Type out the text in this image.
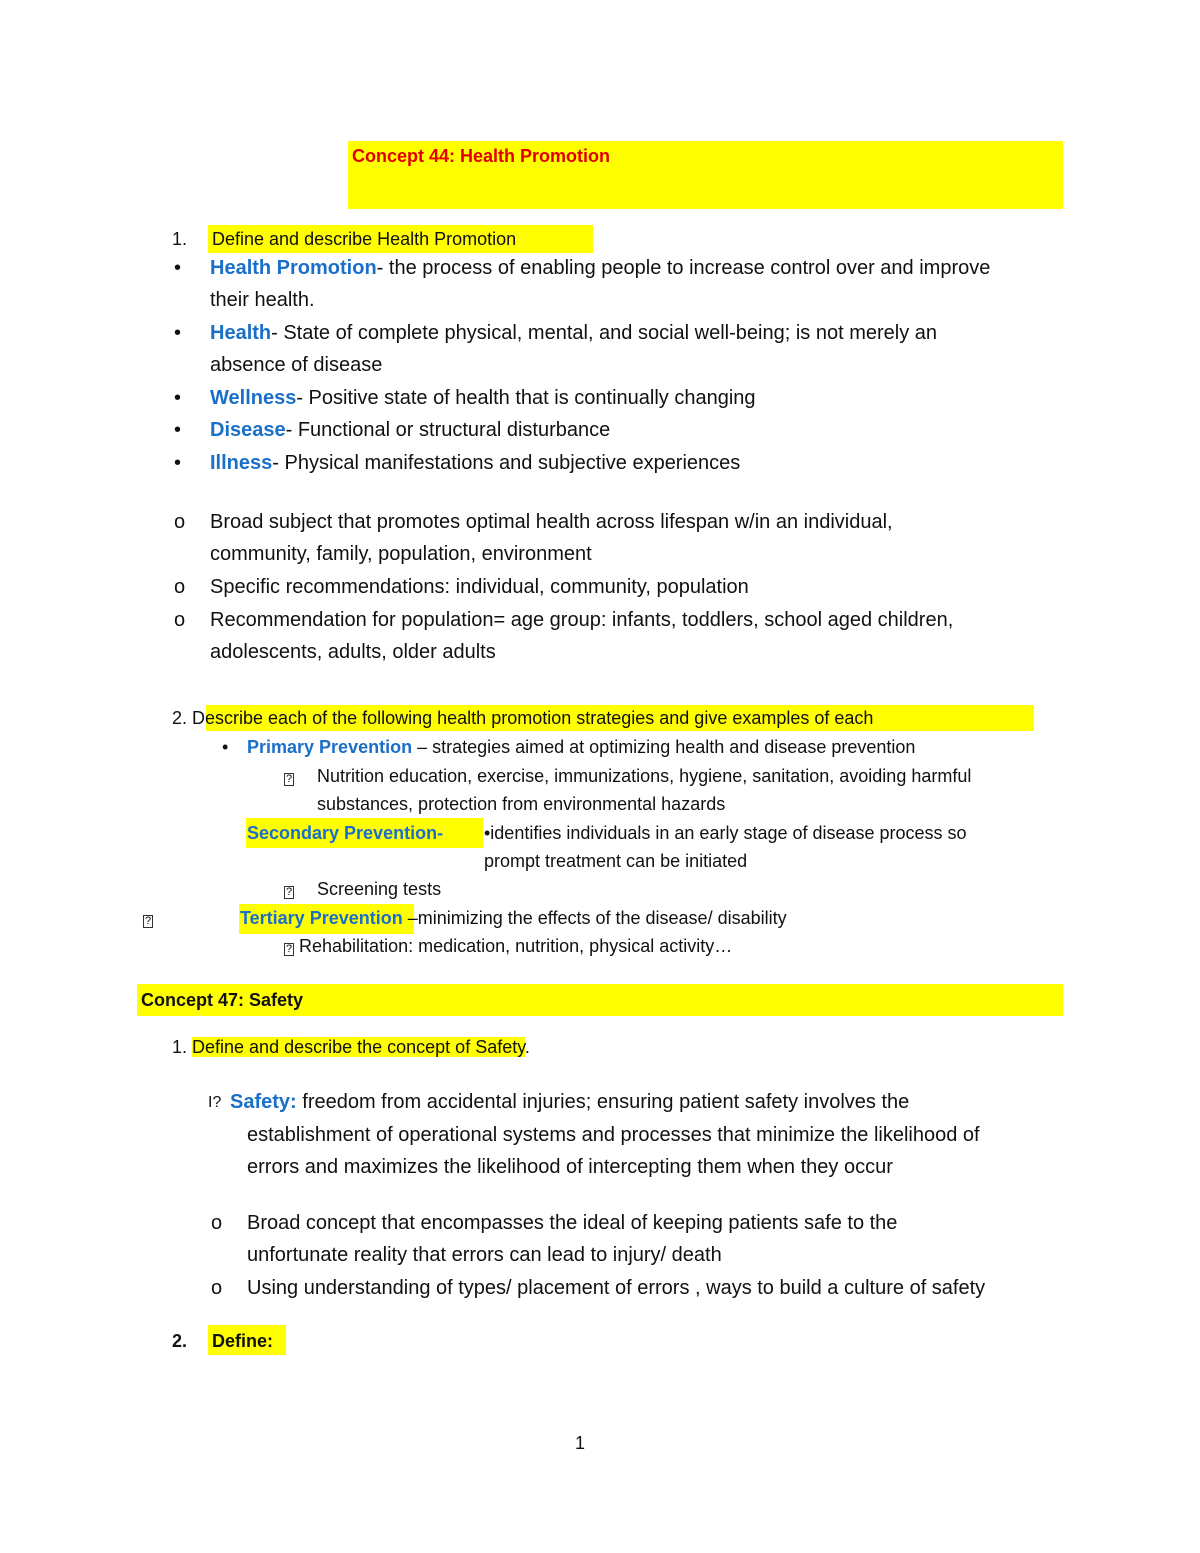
Concept 44: Health Promotion
1. Define and describe Health Promotion
• Health Promotion- the process of enabling people to increase control over and improve
their health.
• Health- State of complete physical, mental, and social well-being; is not merely an
absence of disease
• Wellness- Positive state of health that is continually changing
• Disease- Functional or structural disturbance
• Illness- Physical manifestations and subjective experiences
o Broad subject that promotes optimal health across lifespan w/in an individual,
community, family, population, environment
o Specific recommendations: individual, community, population
o Recommendation for population= age group: infants, toddlers, school aged children,
adolescents, adults, older adults
2. Describe each of the following health promotion strategies and give examples of each
• Primary Prevention – strategies aimed at optimizing health and disease prevention
? Nutrition education, exercise, immunizations, hygiene, sanitation, avoiding harmful
substances, protection from environmental hazards
Secondary Prevention- •identifies individuals in an early stage of disease process so
prompt treatment can be initiated
? Screening tests
?	Tertiary Prevention –minimizing the effects of the disease/ disability
? Rehabilitation: medication, nutrition, physical activity…
Concept 47: Safety
1. Define and describe the concept of Safety.
I? Safety: freedom from accidental injuries; ensuring patient safety involves the
establishment of operational systems and processes that minimize the likelihood of
errors and maximizes the likelihood of intercepting them when they occur
o Broad concept that encompasses the ideal of keeping patients safe to the
unfortunate reality that errors can lead to injury/ death
o Using understanding of types/ placement of errors , ways to build a culture of safety
2. Define:
1
